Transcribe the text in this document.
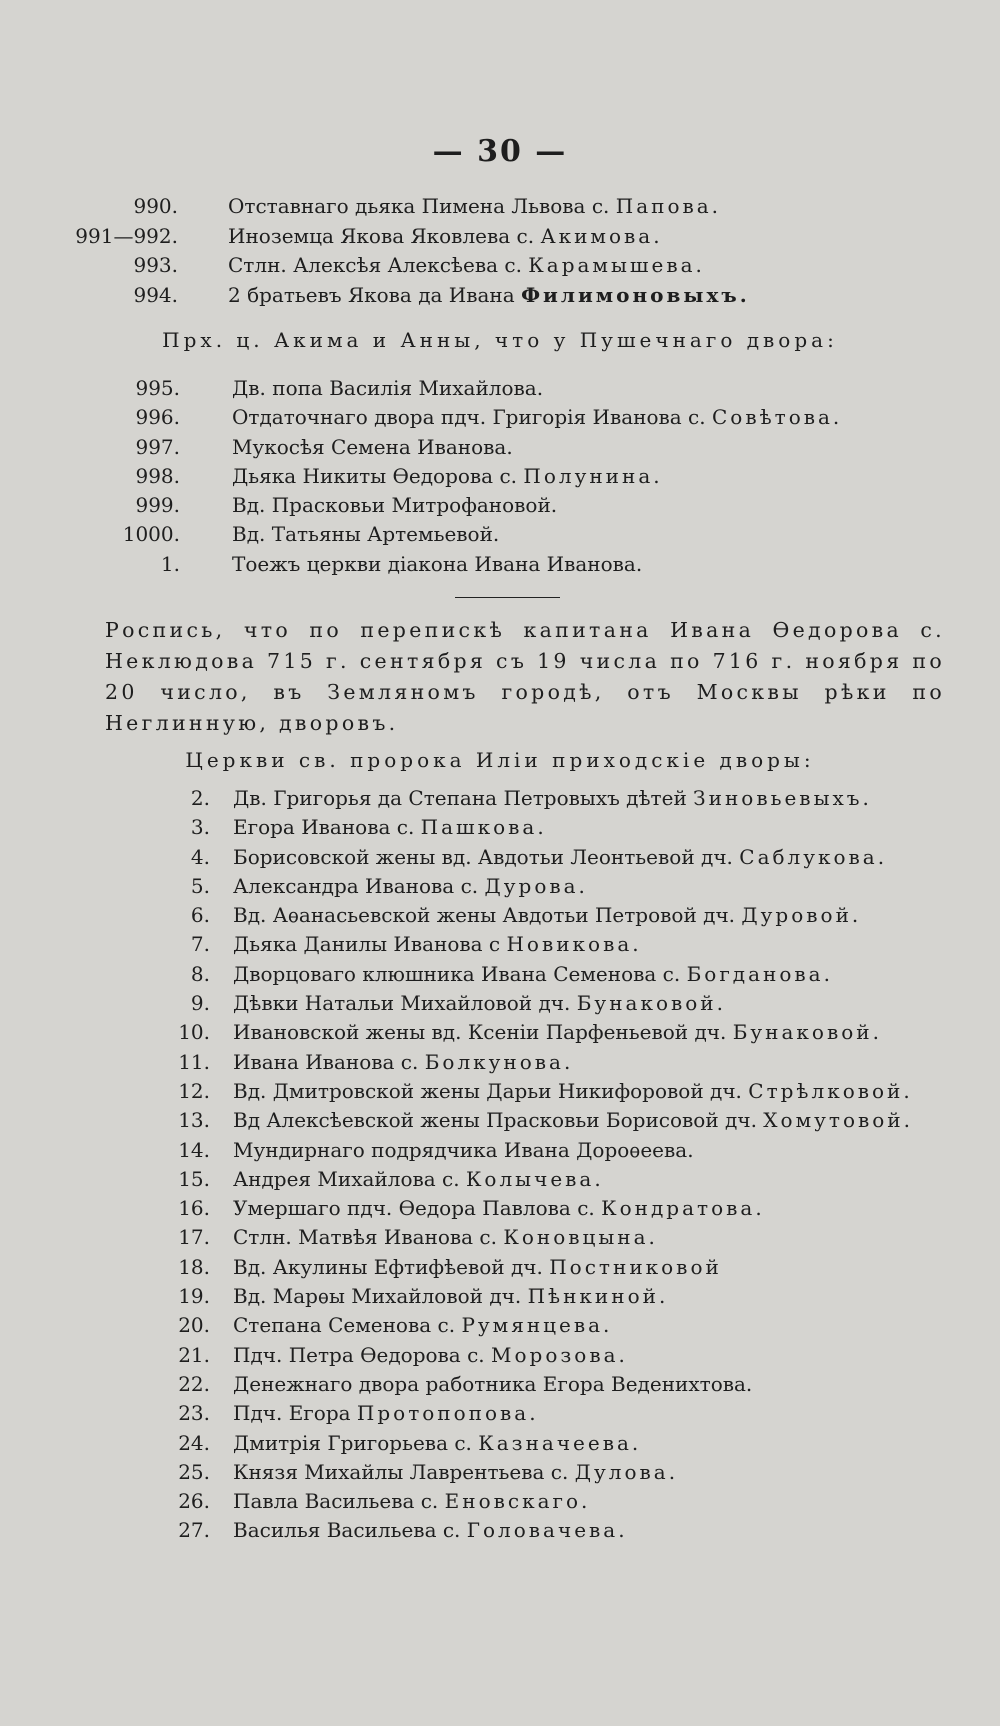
— 30 —
990.	Отставнаго дьяка Пимена Львова с. Папова.
991—992.	Иноземца Якова Яковлева с. Акимова.
993.	Стлн. Алексѣя Алексѣева с. Карамышева.
994.	2 братьевъ Якова да Ивана Филимоновыхъ.
Прх. ц. Акима и Анны, что у Пушечнаго двора:
995.	Дв. попа Василія Михайлова.
996.	Отдаточнаго двора пдч. Григорія Иванова с. Совѣтова.
997.	Мукосѣя Семена Иванова.
998.	Дьяка Никиты Ѳедорова с. Полунина.
999.	Вд. Прасковьи Митрофановой.
1000.	Вд. Татьяны Артемьевой.
1.	Тоежъ церкви діакона Ивана Иванова.
Роспись, что по перепискѣ капитана Ивана Ѳедорова с. Неклюдова 715 г. сентября съ 19 числа по 716 г. ноября по 20 число, въ Земляномъ городѣ, отъ Москвы рѣки по Неглинную, дворовъ.
Церкви св. пророка Иліи приходскіе дворы:
2. Дв. Григорья да Степана Петровыхъ дѣтей Зиновьевыхъ.
3. Егора Иванова с. Пашкова.
4. Борисовской жены вд. Авдотьи Леонтьевой дч. Саблукова.
5. Александра Иванова с. Дурова.
6. Вд. Аѳанасьевской жены Авдотьи Петровой дч. Дуровой.
7. Дьяка Данилы Иванова с Новикова.
8. Дворцоваго клюшника Ивана Семенова с. Богданова.
9. Дѣвки Натальи Михайловой дч. Бунаковой.
10. Ивановской жены вд. Ксеніи Парфеньевой дч. Бунаковой.
11. Ивана Иванова с. Болкунова.
12. Вд. Дмитровской жены Дарьи Никифоровой дч. Стрѣлковой.
13. Вд Алексѣевской жены Прасковьи Борисовой дч. Хомутовой.
14. Мундирнаго подрядчика Ивана Дороѳеева.
15. Андрея Михайлова с. Колычева.
16. Умершаго пдч. Ѳедора Павлова с. Кондратова.
17. Стлн. Матвѣя Иванова с. Коновцына.
18. Вд. Акулины Ефтифѣевой дч. Постниковой
19. Вд. Марѳы Михайловой дч. Пѣнкиной.
20. Степана Семенова с. Румянцева.
21. Пдч. Петра Ѳедорова с. Морозова.
22. Денежнаго двора работника Егора Веденихтова.
23. Пдч. Егора Протопопова.
24. Дмитрія Григорьева с. Казначеева.
25. Князя Михайлы Лаврентьева с. Дулова.
26. Павла Васильева с. Еновскаго.
27. Василья Васильева с. Головачева.
